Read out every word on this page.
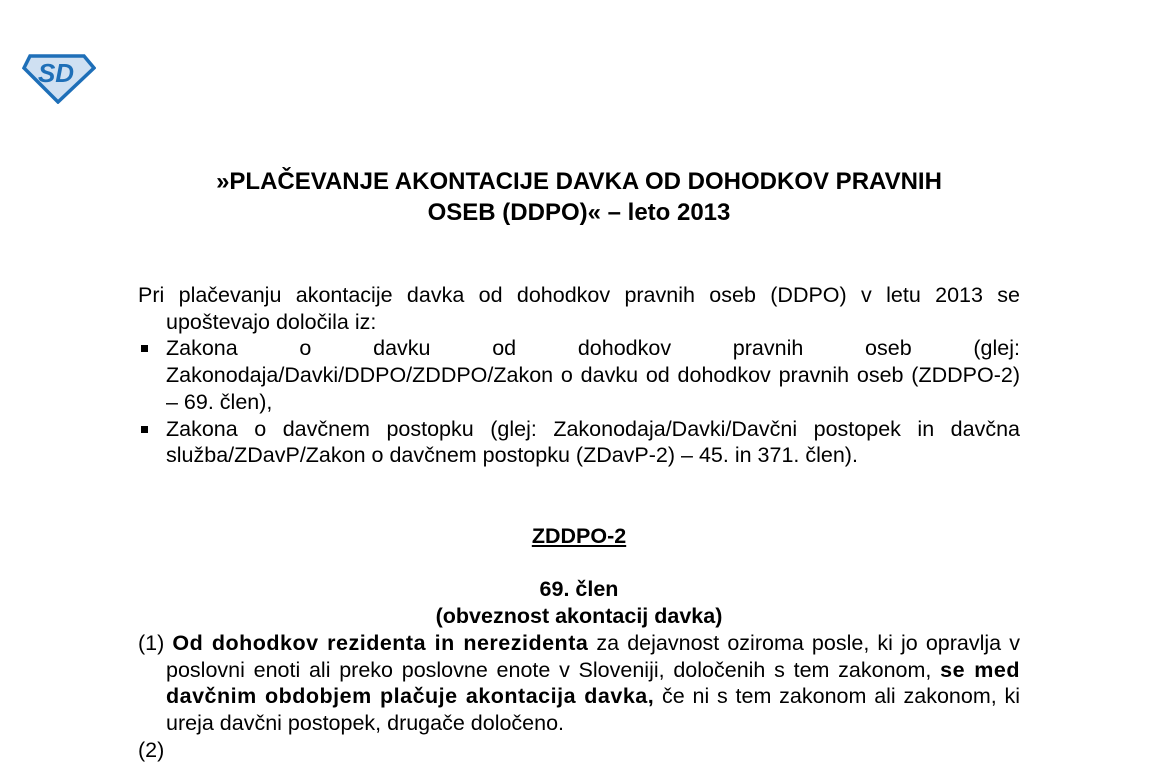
SD
»PLAČEVANJE AKONTACIJE DAVKA OD DOHODKOV PRAVNIH
OSEB (DDPO)« – leto 2013

Pri plačevanju akontacije davka od dohodkov pravnih oseb (DDPO) v letu 2013 se upoštevajo določila iz:

Zakona o davku od dohodkov pravnih oseb (glej: Zakonodaja/Davki/DDPO/ZDDPO/Zakon o davku od dohodkov pravnih oseb (ZDDPO-2) – 69. člen),
Zakona o davčnem postopku (glej: Zakonodaja/Davki/Davčni postopek in davčna služba/ZDavP/Zakon o davčnem postopku (ZDavP-2) – 45. in 371. člen).
ZDDPO-2
69. člen
(obveznost akontacij davka)

(1) Od dohodkov rezidenta in nerezidenta za dejavnost oziroma posle, ki jo opravlja v poslovni enoti ali preko poslovne enote v Sloveniji, določenih s tem zakonom, se med davčnim obdobjem plačuje akontacija davka, če ni s tem zakonom ali zakonom, ki ureja davčni postopek, drugače določeno.

(2)
